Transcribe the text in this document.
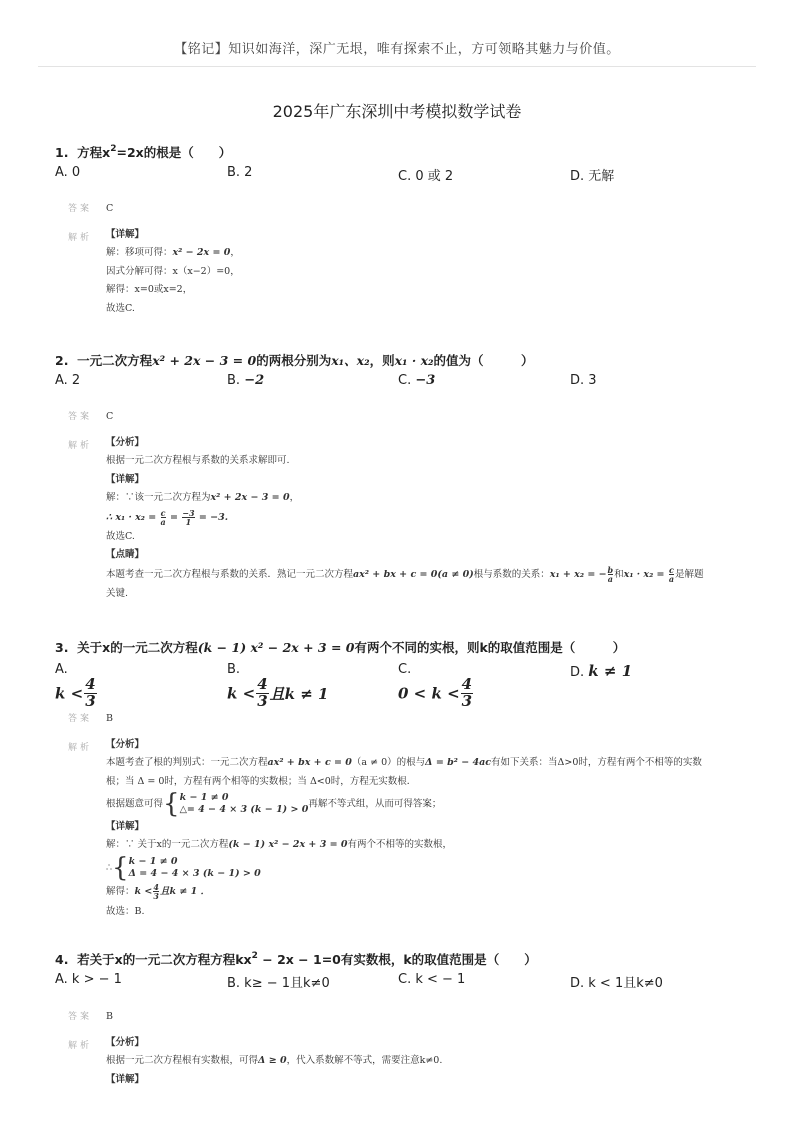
【铭记】知识如海洋，深广无垠，唯有探索不止，方可领略其魅力与价值。
2025年广东深圳中考模拟数学试卷
1. 方程$x^2=2x$的根是（　　）
A. 0	B. 2	C. 0 或 2	D. 无解
答案 C
解析 【详解】
解：移项可得：x² − 2x = 0，
因式分解可得：x（x−2）=0，
解得：x=0或x=2，
故选C.
2. 一元二次方程x² + 2x − 3 = 0的两根分别为x₁、x₂，则x₁ · x₂的值为（　　　）
A. 2	B. −2	C. −3	D. 3
答案 C
解析 【分析】
根据一元二次方程根与系数的关系求解即可.
【详解】
解：∵该一元二次方程为x² + 2x − 3 = 0，
∴ $x_1 \cdot x_2 = \frac{c}{a} = \frac{-3}{1} = -3$.
故选C.
【点睛】
本题考查一元二次方程根与系数的关系．熟记一元二次方程ax² + bx + c = 0(a ≠ 0)根与系数的关系：x₁ + x₂ = − $\frac{b}{a}$和$x_1 \cdot x_2 = \frac{c}{a}$是解题
关键.
3. 关于x的一元二次方程(k − 1) x² − 2x + 3 = 0有两个不同的实根，则k的取值范围是（　　　）
A.
$k < \frac{4}{3}$
B.
$k < \frac{4}{3}$ 且k ≠ 1
C.
$0 < k < \frac{4}{3}$
D. k ≠ 1
答案 B
解析 【分析】
本题考查了根的判别式：一元二次方程ax² + bx + c = 0（a ≠ 0）的根与Δ = b² − 4ac有如下关系：当Δ>0时，方程有两个不相等的实数
根；当 Δ = 0时，方程有两个相等的实数根；当 Δ<0时，方程无实数根．
根据题意可得 { k − 1 ≠ 0
△= 4 − 4 × 3 (k − 1) > 0 再解不等式组，从而可得答案；
【详解】
解：∵ 关于x的一元二次方程(k − 1) x² − 2x + 3 = 0有两个不相等的实数根，
∴ { k − 1 ≠ 0
Δ = 4 − 4 × 3 (k − 1) > 0
解得：$k < \frac{4}{3}$且k ≠ 1 ．
故选：B.
4. 若关于x的一元二次方程方程$kx^2 - 2x - 1=0$有实数根，k的取值范围是（　　）
A. k > − 1	B. k≥ − 1且k≠0	C. k < − 1	D. k < 1且k≠0
答案 B
解析 【分析】
根据一元二次方程根有实数根，可得Δ ≥ 0，代入系数解不等式，需要注意k≠0.
【详解】
